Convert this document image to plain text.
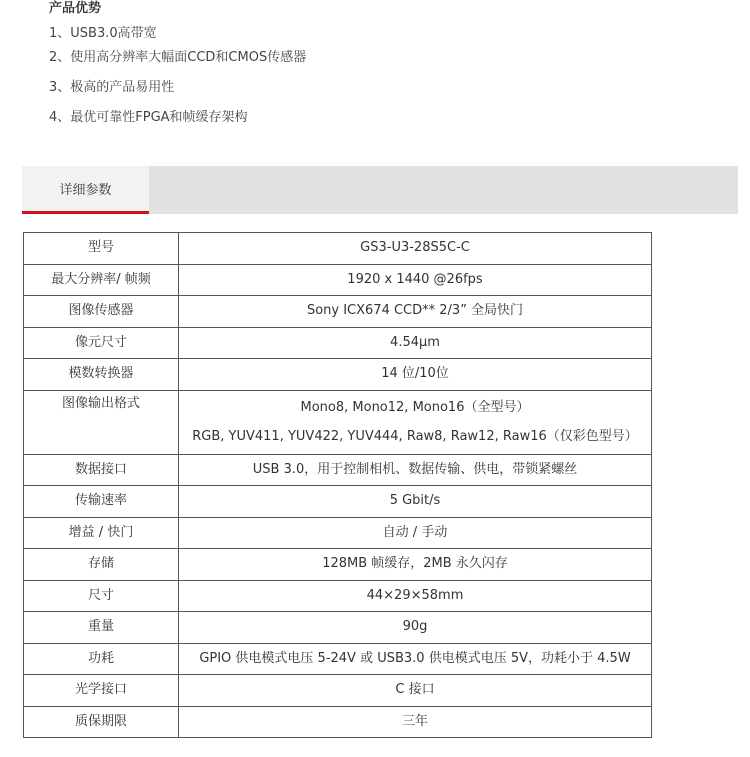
产品优势
1、USB3.0高带宽
2、使用高分辨率大幅面CCD和CMOS传感器
3、极高的产品易用性
4、最优可靠性FPGA和帧缓存架构
详细参数
型号	GS3-U3-28S5C-C
最大分辨率/ 帧频	1920 x 1440 @26fps
图像传感器	Sony ICX674 CCD** 2/3” 全局快门
像元尺寸	4.54μm
模数转换器	14 位/10位
图像输出格式	Mono8, Mono12, Mono16（全型号）
RGB, YUV411, YUV422, YUV444, Raw8, Raw12, Raw16（仅彩色型号）

数据接口	USB 3.0，用于控制相机、数据传输、供电，带锁紧螺丝
传输速率	5 Gbit/s
增益 / 快门	自动 / 手动
存储	128MB 帧缓存，2MB 永久闪存
尺寸	44×29×58mm
重量	90g
功耗	GPIO 供电模式电压 5-24V 或 USB3.0 供电模式电压 5V，功耗小于 4.5W
光学接口	C 接口
质保期限	三年
